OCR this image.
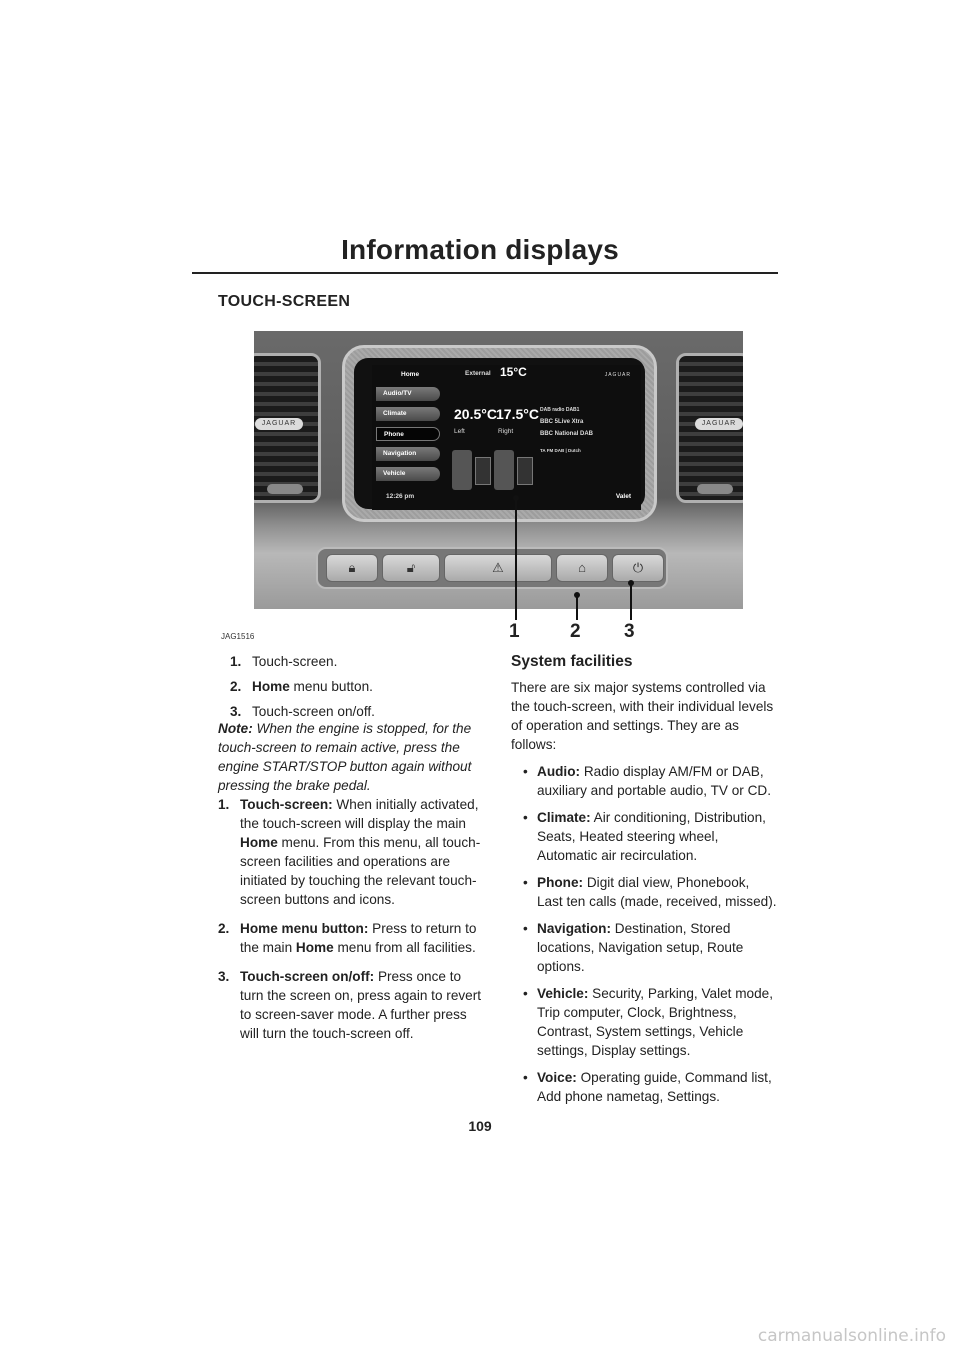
Information displays
TOUCH-SCREEN
JAGUAR	JAGUAR
Home	External 15°C	JAGUAR
Audio/TV
Climate
Phone
Navigation
Vehicle
20.5°C 17.5°C
Left	Right
DAB radio DAB1
BBC 5Live Xtra
BBC National DAB
TA FM DAB | Dutch
12:26 pm	Valet
🔒︎	🔓︎	⚠︎	⌂	⏻
1	2 3
JAG1516
1. Touch-screen.
2. Home menu button.
3. Touch-screen on/off.

Note: When the engine is stopped, for the touch-screen to remain active, press the engine START/STOP button again without pressing the brake pedal.

1. Touch-screen: When initially activated, the touch-screen will display the main Home menu. From this menu, all touch-screen facilities and operations are initiated by touching the relevant touch-screen buttons and icons.
2. Home menu button: Press to return to the main Home menu from all facilities.
3. Touch-screen on/off: Press once to turn the screen on, press again to revert to screen-saver mode. A further press will turn the touch-screen off.
System facilities

There are six major systems controlled via the touch-screen, with their individual levels of operation and settings. They are as follows:

• Audio: Radio display AM/FM or DAB, auxiliary and portable audio, TV or CD.
• Climate: Air conditioning, Distribution, Seats, Heated steering wheel, Automatic air recirculation.
• Phone: Digit dial view, Phonebook, Last ten calls (made, received, missed).
• Navigation: Destination, Stored locations, Navigation setup, Route options.
• Vehicle: Security, Parking, Valet mode, Trip computer, Clock, Brightness, Contrast, System settings, Vehicle settings, Display settings.
• Voice: Operating guide, Command list, Add phone nametag, Settings.
109
carmanualsonline.info
